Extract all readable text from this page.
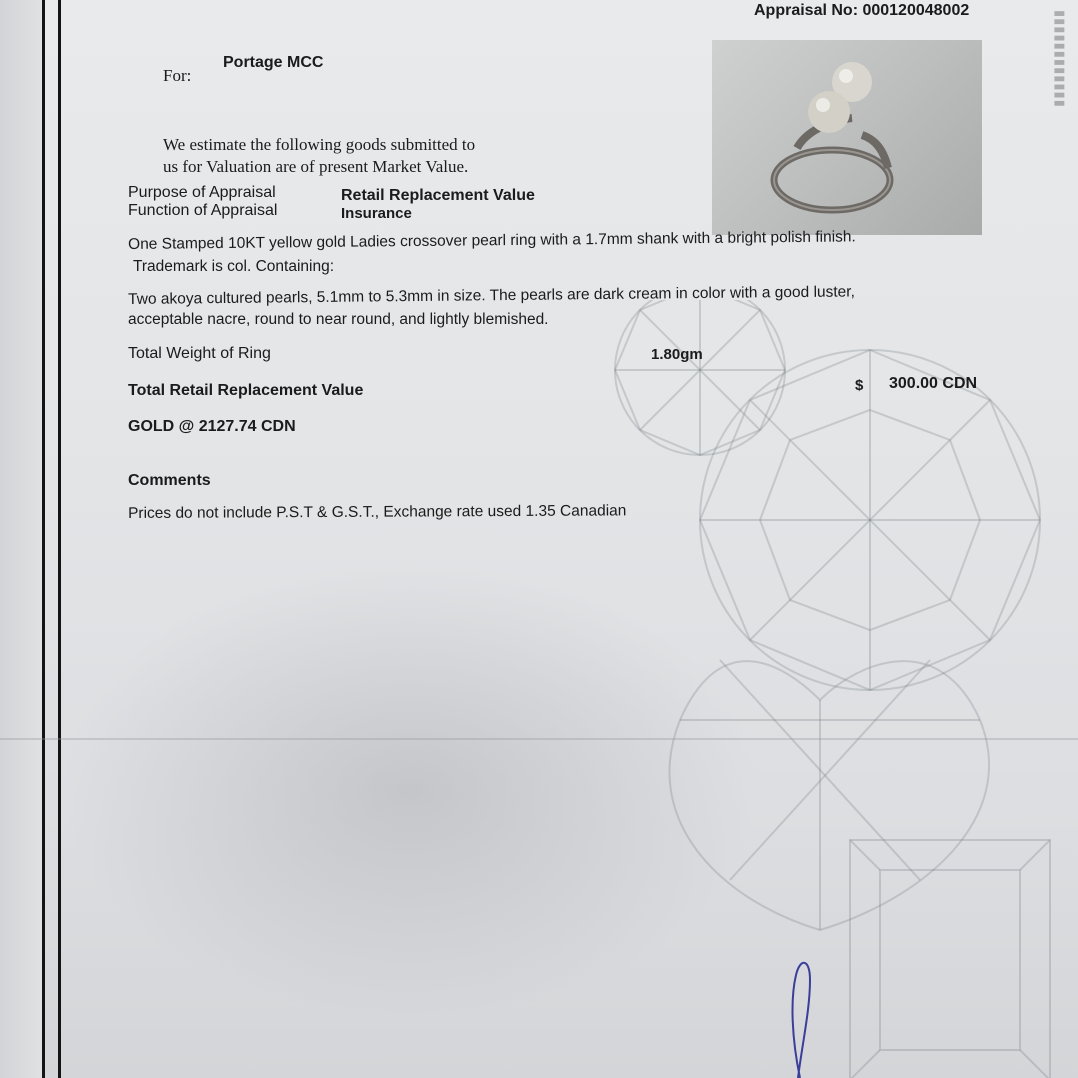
▮▮▮▮▮▮▮▮▮▮▮▮
Appraisal No: 000120048002
For:
Portage MCC
We estimate the following goods submitted to
us for Valuation are of present Market Value.
Purpose of Appraisal	Retail Replacement Value
Function of Appraisal	Insurance
One Stamped 10KT yellow gold Ladies crossover pearl ring with a 1.7mm shank with a bright polish finish.
Trademark is col. Containing:
Two akoya cultured pearls, 5.1mm to 5.3mm in size. The pearls are dark cream in color with a good luster,
acceptable nacre, round to near round, and lightly blemished.
Total Weight of Ring	1.80gm
Total Retail Replacement Value	$ 300.00 CDN
GOLD @ 2127.74 CDN
Comments
Prices do not include P.S.T & G.S.T., Exchange rate used 1.35 Canadian
